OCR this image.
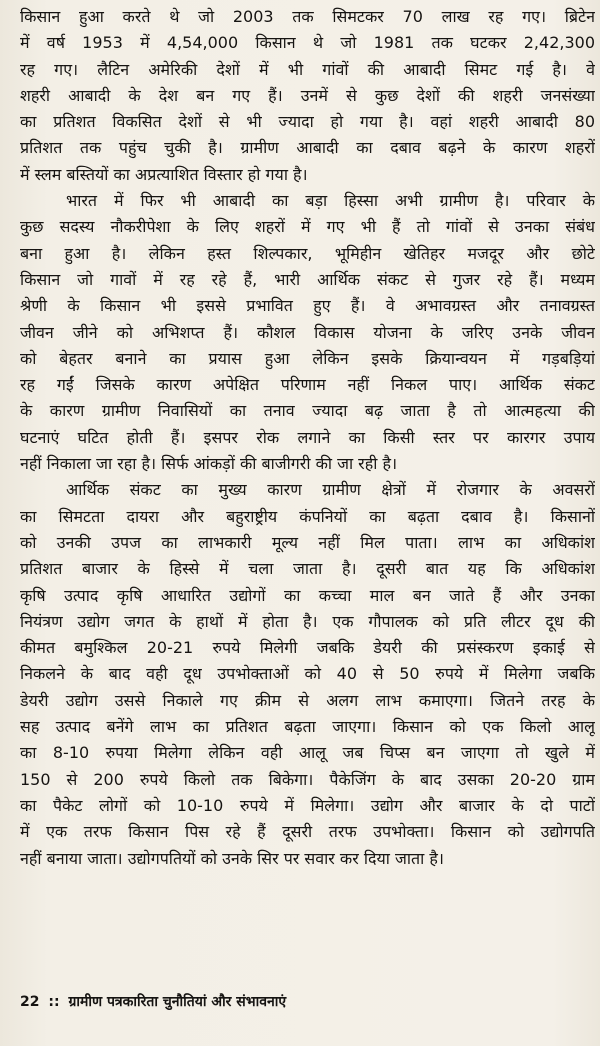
किसान हुआ करते थे जो 2003 तक सिमटकर 70 लाख रह गए। ब्रिटेन
में वर्ष 1953 में 4,54,000 किसान थे जो 1981 तक घटकर 2,42,300
रह गए। लैटिन अमेरिकी देशों में भी गांवों की आबादी सिमट गई है। वे
शहरी आबादी के देश बन गए हैं। उनमें से कुछ देशों की शहरी जनसंख्या
का प्रतिशत विकसित देशों से भी ज्यादा हो गया है। वहां शहरी आबादी 80
प्रतिशत तक पहुंच चुकी है। ग्रामीण आबादी का दबाव बढ़ने के कारण शहरों
में स्लम बस्तियों का अप्रत्याशित विस्तार हो गया है।
भारत में फिर भी आबादी का बड़ा हिस्सा अभी ग्रामीण है। परिवार के
कुछ सदस्य नौकरीपेशा के लिए शहरों में गए भी हैं तो गांवों से उनका संबंध
बना हुआ है। लेकिन हस्त शिल्पकार, भूमिहीन खेतिहर मजदूर और छोटे
किसान जो गावों में रह रहे हैं, भारी आर्थिक संकट से गुजर रहे हैं। मध्यम
श्रेणी के किसान भी इससे प्रभावित हुए हैं। वे अभावग्रस्त और तनावग्रस्त
जीवन जीने को अभिशप्त हैं। कौशल विकास योजना के जरिए उनके जीवन
को बेहतर बनाने का प्रयास हुआ लेकिन इसके क्रियान्वयन में गड़बड़ियां
रह गईं जिसके कारण अपेक्षित परिणाम नहीं निकल पाए। आर्थिक संकट
के कारण ग्रामीण निवासियों का तनाव ज्यादा बढ़ जाता है तो आत्महत्या की
घटनाएं घटित होती हैं। इसपर रोक लगाने का किसी स्तर पर कारगर उपाय
नहीं निकाला जा रहा है। सिर्फ आंकड़ों की बाजीगरी की जा रही है।
आर्थिक संकट का मुख्य कारण ग्रामीण क्षेत्रों में रोजगार के अवसरों
का सिमटता दायरा और बहुराष्ट्रीय कंपनियों का बढ़ता दबाव है। किसानों
को उनकी उपज का लाभकारी मूल्य नहीं मिल पाता। लाभ का अधिकांश
प्रतिशत बाजार के हिस्से में चला जाता है। दूसरी बात यह कि अधिकांश
कृषि उत्पाद कृषि आधारित उद्योगों का कच्चा माल बन जाते हैं और उनका
नियंत्रण उद्योग जगत के हाथों में होता है। एक गौपालक को प्रति लीटर दूध की
कीमत बमुश्किल 20-21 रुपये मिलेगी जबकि डेयरी की प्रसंस्करण इकाई से
निकलने के बाद वही दूध उपभोक्ताओं को 40 से 50 रुपये में मिलेगा जबकि
डेयरी उद्योग उससे निकाले गए क्रीम से अलग लाभ कमाएगा। जितने तरह के
सह उत्पाद बनेंगे लाभ का प्रतिशत बढ़ता जाएगा। किसान को एक किलो आलू
का 8-10 रुपया मिलेगा लेकिन वही आलू जब चिप्स बन जाएगा तो खुले में
150 से 200 रुपये किलो तक बिकेगा। पैकेजिंग के बाद उसका 20-20 ग्राम
का पैकेट लोगों को 10-10 रुपये में मिलेगा। उद्योग और बाजार के दो पाटों
में एक तरफ किसान पिस रहे हैं दूसरी तरफ उपभोक्ता। किसान को उद्योगपति
नहीं बनाया जाता। उद्योगपतियों को उनके सिर पर सवार कर दिया जाता है।
22 :: ग्रामीण पत्रकारिता चुनौतियां और संभावनाएं
